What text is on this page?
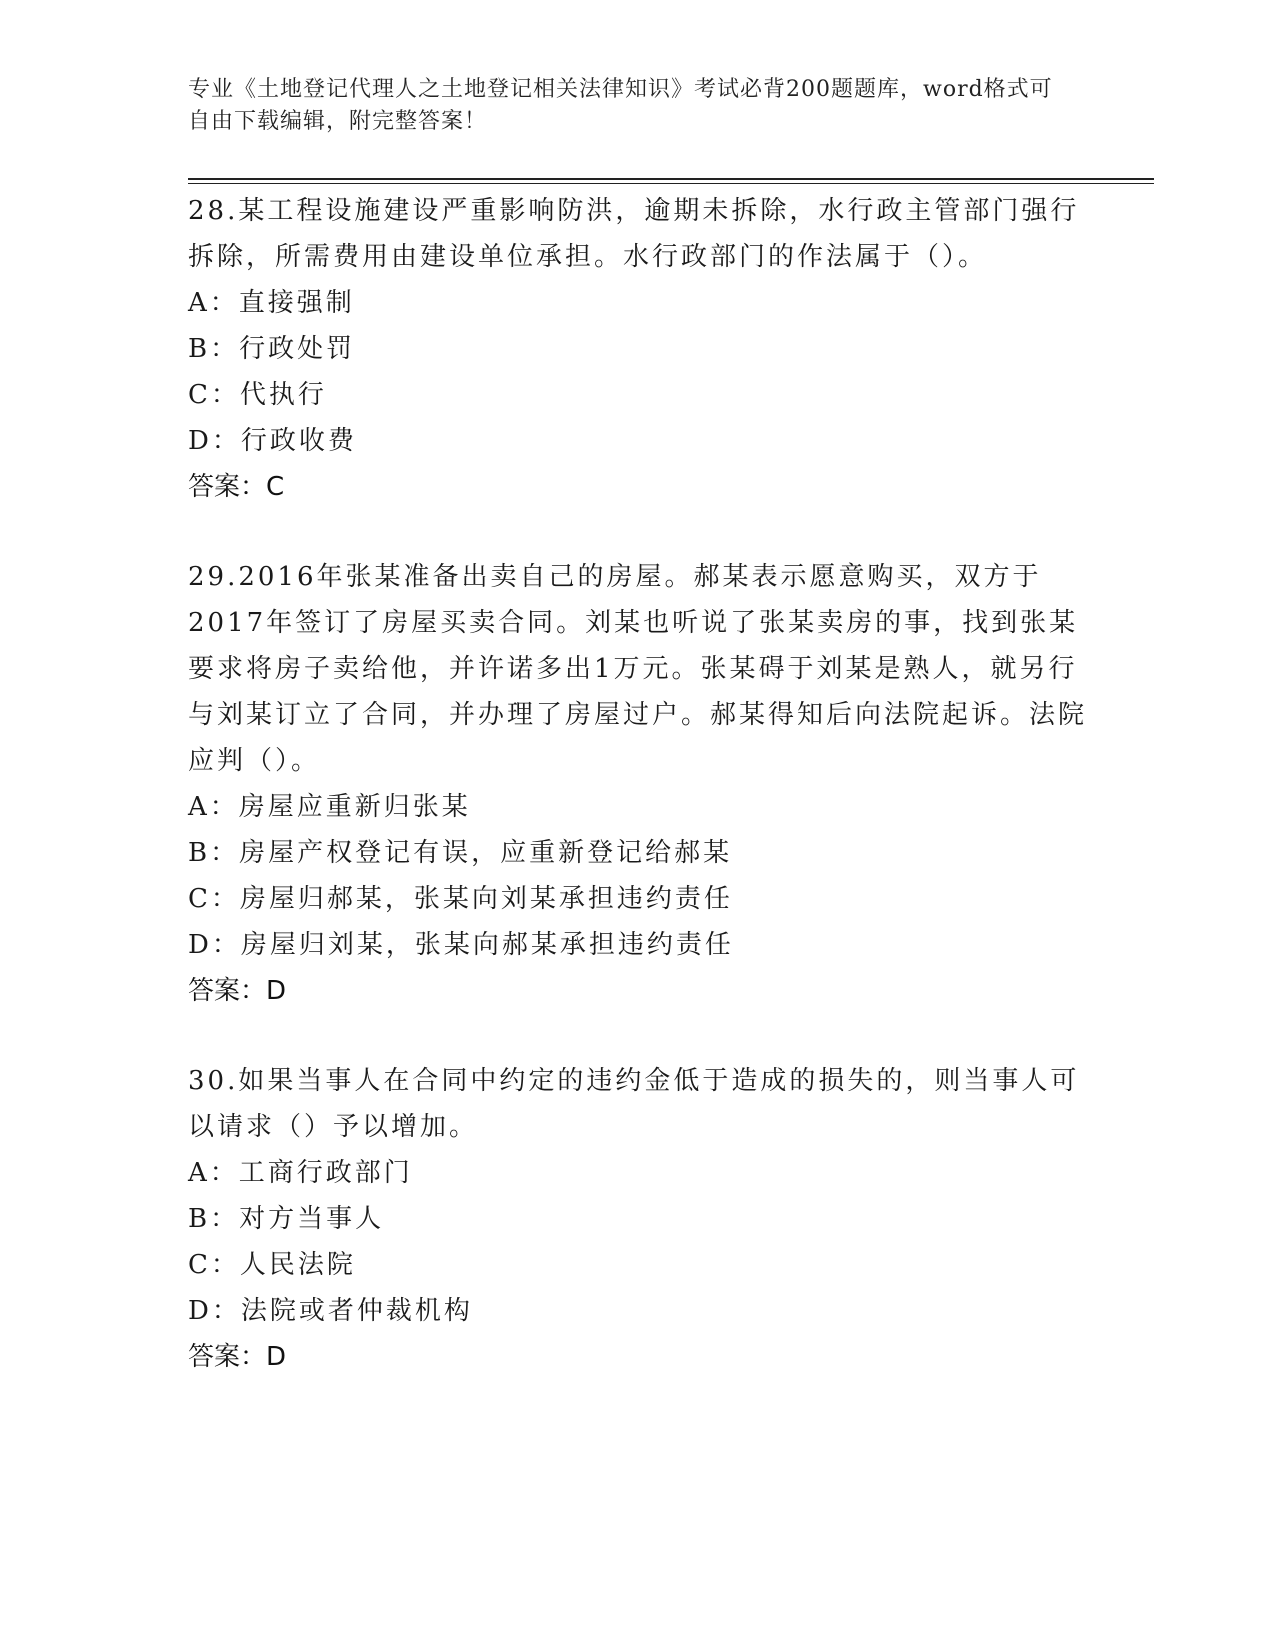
专业《土地登记代理人之土地登记相关法律知识》考试必背200题题库，word格式可自由下载编辑，附完整答案！

28.某工程设施建设严重影响防洪，逾期未拆除，水行政主管部门强行拆除，所需费用由建设单位承担。水行政部门的作法属于（）。

A：直接强制

B：行政处罚

C：代执行

D：行政收费

答案：C

29.2016年张某准备出卖自己的房屋。郝某表示愿意购买，双方于2017年签订了房屋买卖合同。刘某也听说了张某卖房的事，找到张某要求将房子卖给他，并许诺多出1万元。张某碍于刘某是熟人，就另行与刘某订立了合同，并办理了房屋过户。郝某得知后向法院起诉。法院应判（）。

A：房屋应重新归张某

B：房屋产权登记有误，应重新登记给郝某

C：房屋归郝某，张某向刘某承担违约责任

D：房屋归刘某，张某向郝某承担违约责任

答案：D

30.如果当事人在合同中约定的违约金低于造成的损失的，则当事人可以请求（）予以增加。

A：工商行政部门

B：对方当事人

C：人民法院

D：法院或者仲裁机构

答案：D
